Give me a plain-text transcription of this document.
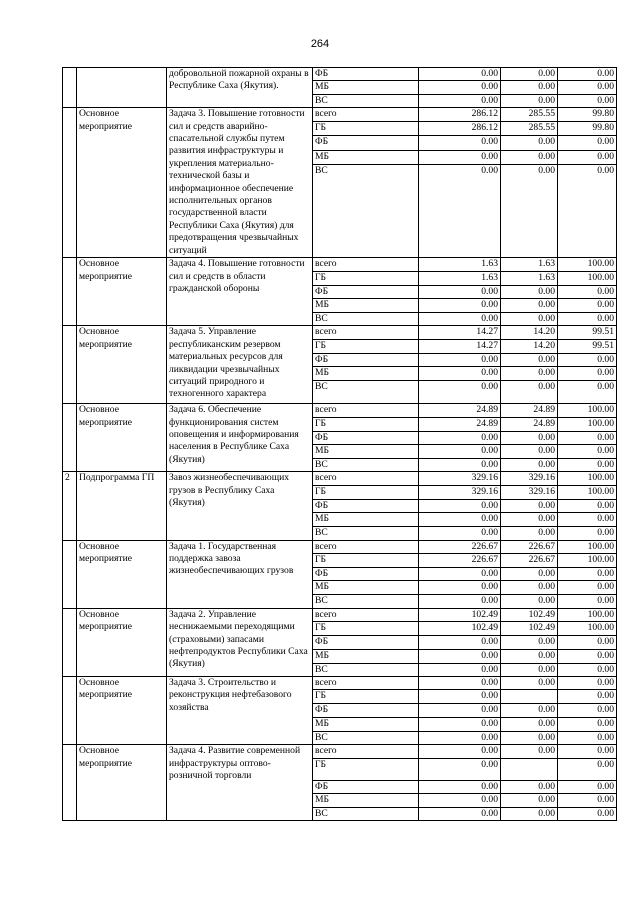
264
		добровольной пожарной охраны в Республике Саха (Якутия).	ФБ	0.00	0.00	0.00
			МБ	0.00	0.00	0.00
			ВС	0.00	0.00	0.00
	Основное мероприятие	Задача 3. Повышение готовности сил и средств аварийно-спасательной службы путем развития инфраструктуры и укрепления материально-технической базы и информационное обеспечение исполнительных органов государственной власти Республики Саха (Якутия) для предотвращения чрезвычайных ситуаций	всего	286.12	285.55	99.80
			ГБ	286.12	285.55	99.80
			ФБ	0.00	0.00	0.00
			МБ	0.00	0.00	0.00
			ВС	0.00	0.00	0.00
	Основное мероприятие	Задача 4. Повышение готовности сил и средств в области гражданской обороны	всего	1.63	1.63	100.00
			ГБ	1.63	1.63	100.00
			ФБ	0.00	0.00	0.00
			МБ	0.00	0.00	0.00
			ВС	0.00	0.00	0.00
	Основное мероприятие	Задача 5. Управление республиканским резервом материальных ресурсов для ликвидации чрезвычайных ситуаций природного и техногенного характера	всего	14.27	14.20	99.51
			ГБ	14.27	14.20	99.51
			ФБ	0.00	0.00	0.00
			МБ	0.00	0.00	0.00
			ВС	0.00	0.00	0.00
	Основное мероприятие	Задача 6. Обеспечение функционирования систем оповещения и информирования населения в Республике Саха (Якутия)	всего	24.89	24.89	100.00
			ГБ	24.89	24.89	100.00
			ФБ	0.00	0.00	0.00
			МБ	0.00	0.00	0.00
			ВС	0.00	0.00	0.00
2	Подпрограмма ГП	Завоз жизнеобеспечивающих грузов в Республику Саха (Якутия)	всего	329.16	329.16	100.00
			ГБ	329.16	329.16	100.00
			ФБ	0.00	0.00	0.00
			МБ	0.00	0.00	0.00
			ВС	0.00	0.00	0.00
	Основное мероприятие	Задача 1. Государственная поддержка завоза жизнеобеспечивающих грузов	всего	226.67	226.67	100.00
			ГБ	226.67	226.67	100.00
			ФБ	0.00	0.00	0.00
			МБ	0.00	0.00	0.00
			ВС	0.00	0.00	0.00
	Основное мероприятие	Задача 2. Управление неснижаемыми переходящими (страховыми) запасами нефтепродуктов Республики Саха (Якутия)	всего	102.49	102.49	100.00
			ГБ	102.49	102.49	100.00
			ФБ	0.00	0.00	0.00
			МБ	0.00	0.00	0.00
			ВС	0.00	0.00	0.00
	Основное мероприятие	Задача 3. Строительство и реконструкция нефтебазового хозяйства	всего	0.00	0.00	0.00
			ГБ	0.00		0.00
			ФБ	0.00	0.00	0.00
			МБ	0.00	0.00	0.00
			ВС	0.00	0.00	0.00
	Основное мероприятие	Задача 4. Развитие современной инфраструктуры оптово-розничной торговли	всего	0.00	0.00	0.00
			ГБ	0.00		0.00
			ФБ	0.00	0.00	0.00
			МБ	0.00	0.00	0.00
			ВС	0.00	0.00	0.00
